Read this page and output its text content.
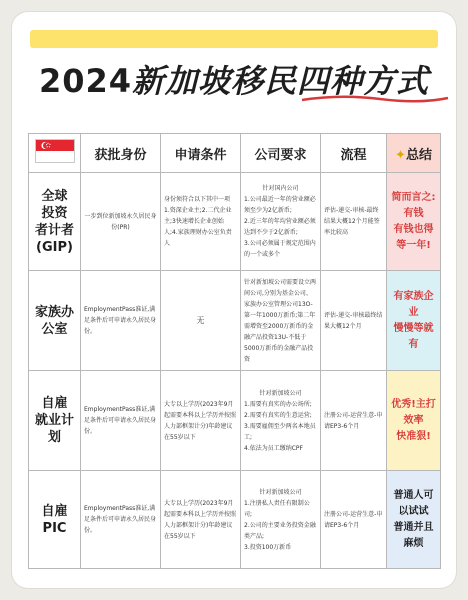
2024新加坡移民四种方式
	获批身份	申请条件	公司要求	流程	✦总结

全球
投资
者计者
(GIP)	一步到位新加坡永久居民身份(PR)	身份须符合以下其中一项
1.资深企业主;2.二代企业主;3快速增长企业创始人;4.家族理财办公室负责人	针对国内公司
1.公司最近一年的营业额必须至少为2亿新币;
2.近三年的年均营业额必须达到不少于2亿新币;
3.公司必须属于规定范围内的一个或多个	评估-递交-审核-最终结果大概12个月能签率比较高	简而言之:
有钱
有钱也得等一年!

家族办
公室	EmploymentPass准证,满足条件后可申请永久居民身份。	无	针对新加坡公司需要设立两间公司,分别为基金公司、家族办公室管理公司13O-第一年1000万新币;第二年需增资至2000万新币的金融产品投资13U-不低于5000万新币的金融产品投资	评估-递交-审核最终结果大概12个月	有家族企业
慢慢等就有

自雇
就业计
划	EmploymentPass准证,满足条件后可申请永久居民身份。	大专以上学历(2023年9月起需要本科以上学历并按照人力部框架计分)年龄建议在55岁以下	针对新加坡公司
1.需要有真实的办公场所;
2.需要有真实的生意运营;
3.需要雇佣至少两名本地员工;
4.依法为员工缴纳CPF	注册公司-运营生意-申请EP3-6个月	优秀!主打效率
快准狠!

自雇
PIC	EmploymentPass准证,满足条件后可申请永久居民身份。	大专以上学历(2023年9月起需要本科以上学历并按照人力部框架计分)年龄建议在55岁以下	针对新加坡公司
1.注册私人责任有限制公司;
2.公司的主要业务投资金融类产品;
3.投资100万新币	注册公司-运营生意-申请EP3-6个月	普通人可以试试
普通并且麻烦
